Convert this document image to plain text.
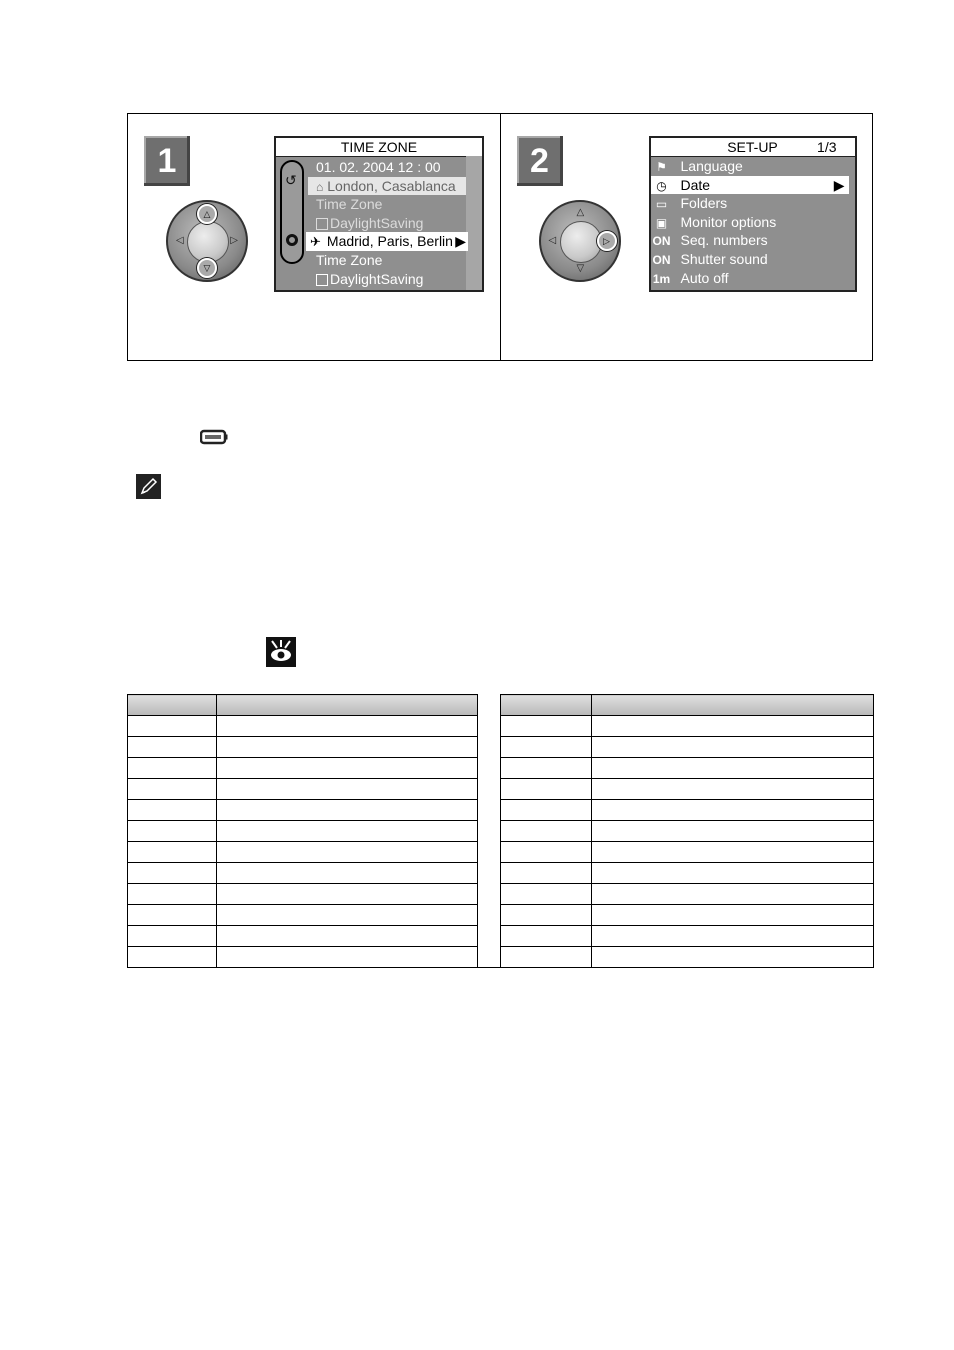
1
◁	▷
△
▽
TIME ZONE
01. 02. 2004 12 : 00
⌂ London, Casablanca
Time Zone
DaylightSaving
✈ Madrid, Paris, Berlin ▶
Time Zone
DaylightSaving
↺
2
△
▽
◁	▷
SET-UP	1/3
⚑ Language
◷ Date	▶
▭ Folders
▣ Monitor options
ON Seq. numbers
ON Shutter sound
1m Auto off
